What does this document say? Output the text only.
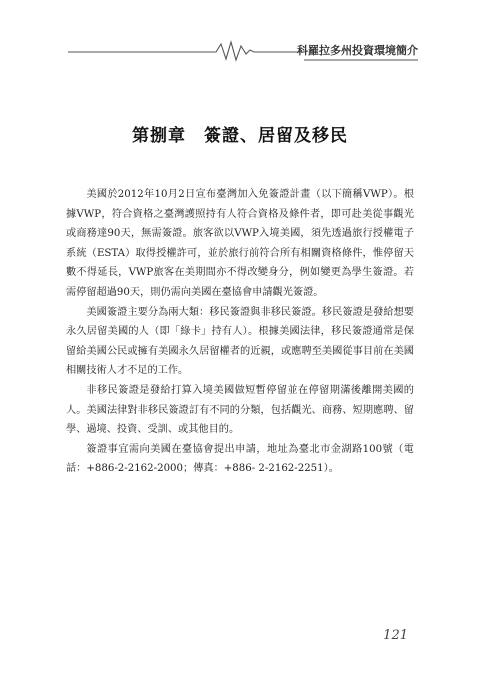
科羅拉多州投資環境簡介
第捌章　簽證、居留及移民

美國於2012年10月2日宣布臺灣加入免簽證計畫（以下簡稱VWP）。根據VWP，符合資格之臺灣護照持有人符合資格及條件者，即可赴美從事觀光或商務達90天，無需簽證。旅客欲以VWP入境美國，須先透過旅行授權電子系統（ESTA）取得授權許可，並於旅行前符合所有相關資格條件，惟停留天數不得延長，VWP旅客在美期間亦不得改變身分，例如變更為學生簽證。若需停留超過90天，則仍需向美國在臺協會申請觀光簽證。

美國簽證主要分為兩大類：移民簽證與非移民簽證。移民簽證是發給想要永久居留美國的人（即「綠卡」持有人）。根據美國法律，移民簽證通常是保留給美國公民或擁有美國永久居留權者的近親，或應聘至美國從事目前在美國相關技術人才不足的工作。

非移民簽證是發給打算入境美國做短暫停留並在停留期滿後離開美國的人。美國法律對非移民簽證訂有不同的分類，包括觀光、商務、短期應聘、留學、過境、投資、受訓、或其他目的。

簽證事宜需向美國在臺協會提出申請，地址為臺北市金湖路100號（電話：+886-2-2162-2000；傳真：+886- 2-2162-2251）。

121
